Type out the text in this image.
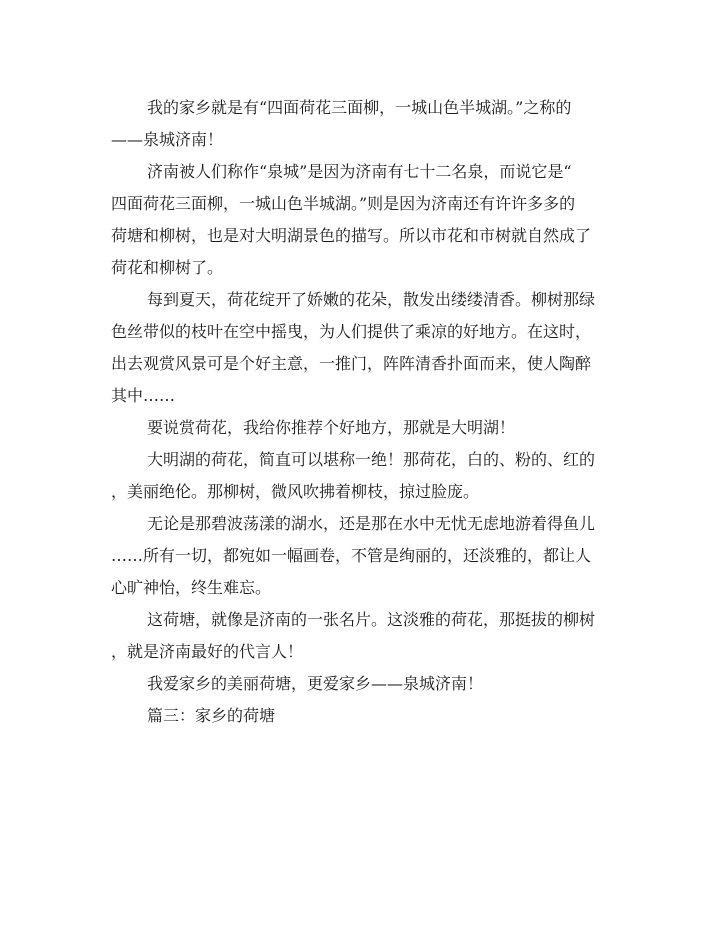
我的家乡就是有“四面荷花三面柳，一城山色半城湖。”之称的
——泉城济南！
济南被人们称作“泉城”是因为济南有七十二名泉，而说它是“
四面荷花三面柳，一城山色半城湖。”则是因为济南还有许许多多的
荷塘和柳树，也是对大明湖景色的描写。所以市花和市树就自然成了
荷花和柳树了。
每到夏天，荷花绽开了娇嫩的花朵，散发出缕缕清香。柳树那绿
色丝带似的枝叶在空中摇曳，为人们提供了乘凉的好地方。在这时，
出去观赏风景可是个好主意，一推门，阵阵清香扑面而来，使人陶醉
其中……
要说赏荷花，我给你推荐个好地方，那就是大明湖！
大明湖的荷花，简直可以堪称一绝！那荷花，白的、粉的、红的
，美丽绝伦。那柳树，微风吹拂着柳枝，掠过脸庞。
无论是那碧波荡漾的湖水，还是那在水中无忧无虑地游着得鱼儿
……所有一切，都宛如一幅画卷，不管是绚丽的，还淡雅的，都让人
心旷神怡，终生难忘。
这荷塘，就像是济南的一张名片。这淡雅的荷花，那挺拔的柳树
，就是济南最好的代言人！
我爱家乡的美丽荷塘，更爱家乡——泉城济南！
篇三：家乡的荷塘
